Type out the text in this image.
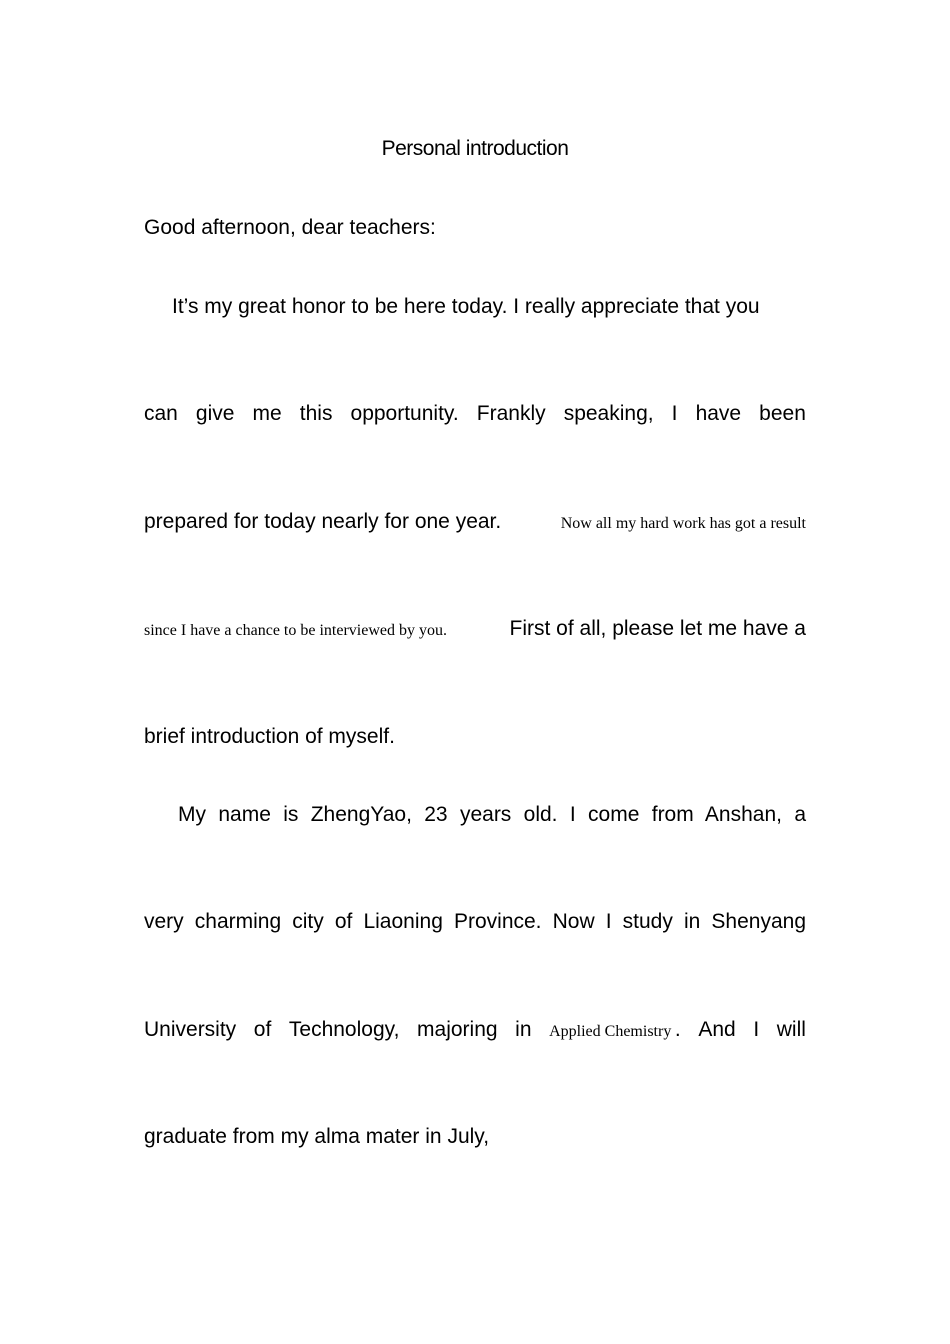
Personal introduction

Good afternoon, dear teachers:

It’s my great honor to be here today. I really appreciate that you

can give me this opportunity. Frankly speaking, I have been

prepared for today nearly for one year.	Now all my hard work has got a result

since I have a chance to be interviewed by you.	First of all, please let me have a

brief introduction of myself.

My name is ZhengYao, 23 years old. I come from Anshan, a

very charming city of Liaoning Province. Now I study in Shenyang

University of Technology, majoring in Applied Chemistry . And I will

graduate from my alma mater in July,
